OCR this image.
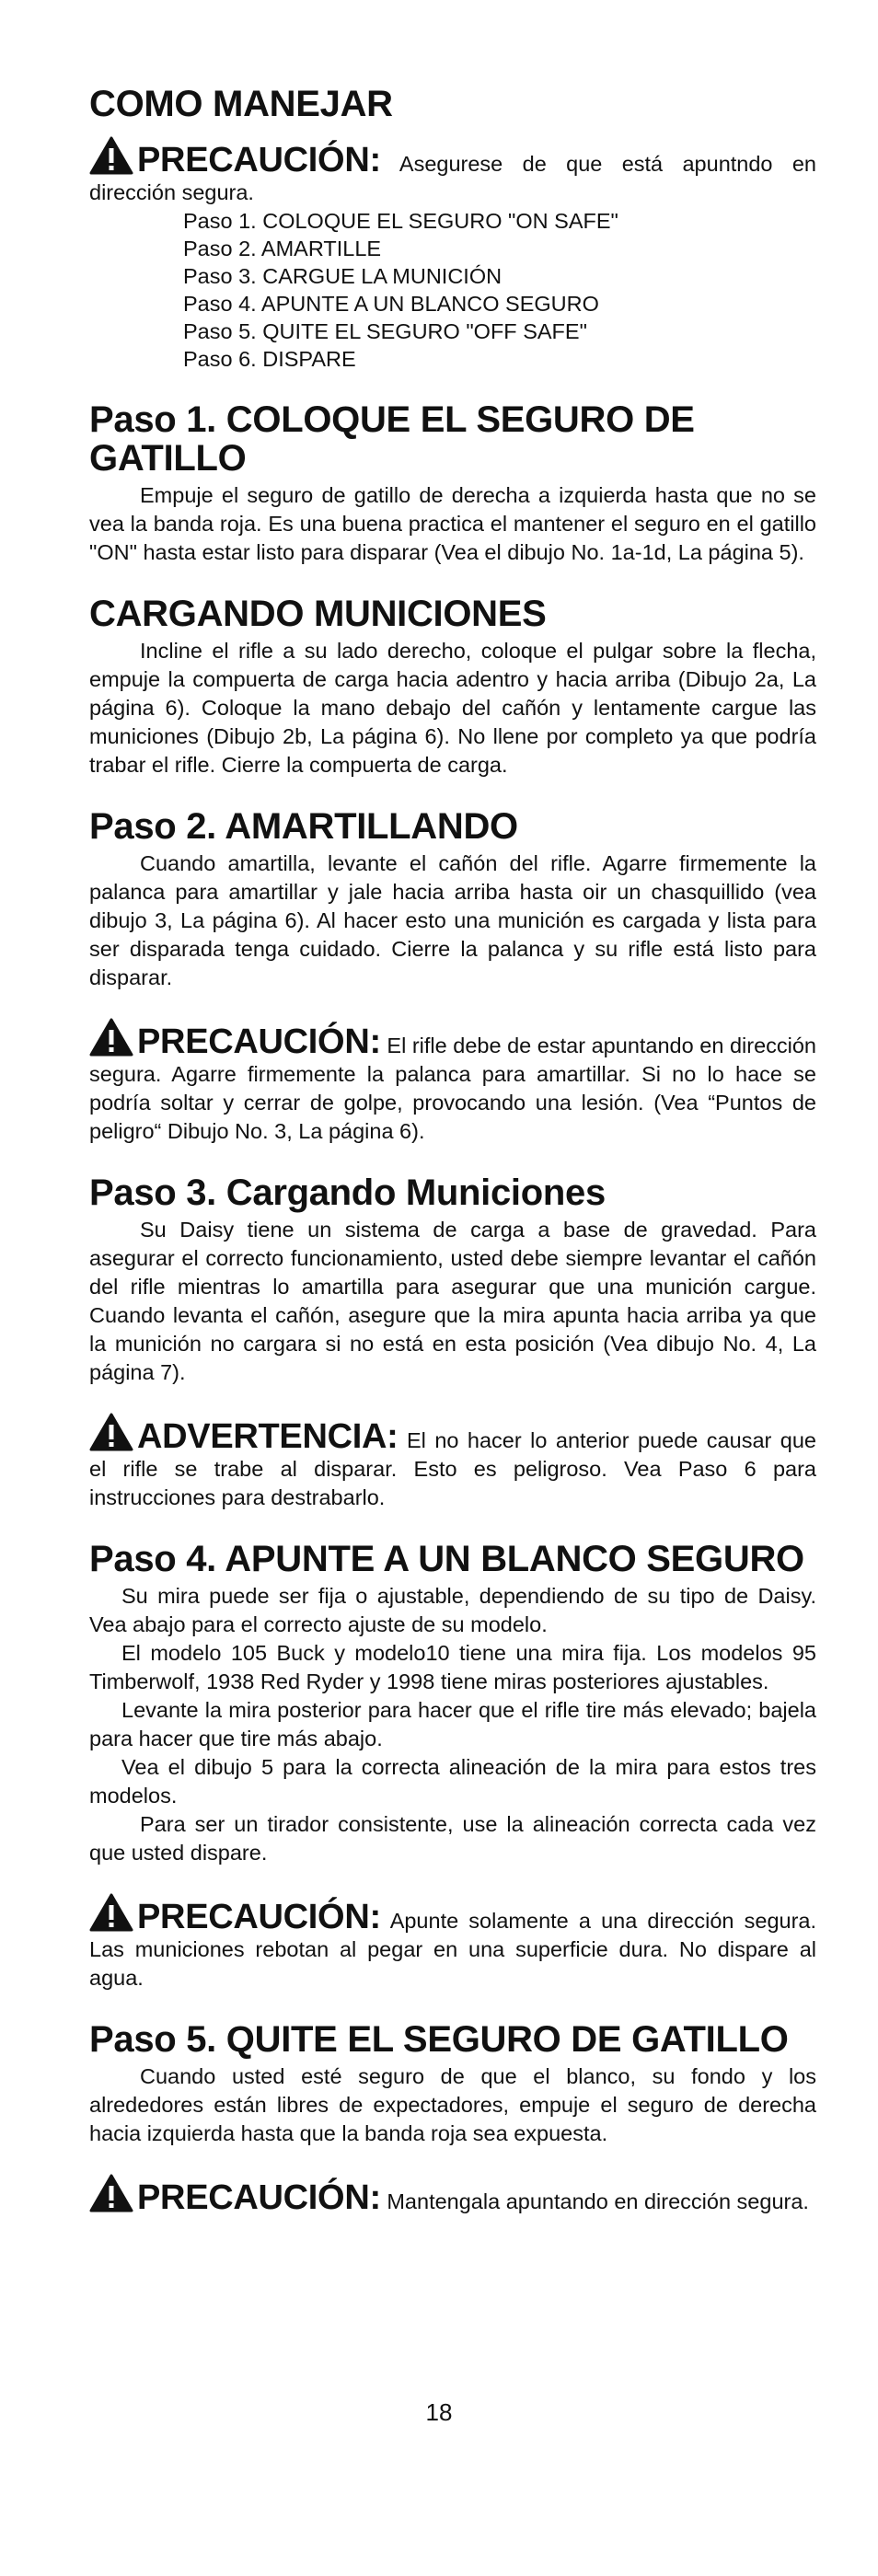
COMO MANEJAR
PRECAUCIÓN: Asegurese de que está apuntndo en dirección segura.
Paso 1. COLOQUE EL SEGURO "ON SAFE"
Paso 2. AMARTILLE
Paso 3. CARGUE LA MUNICIÓN
Paso 4. APUNTE A UN BLANCO SEGURO
Paso 5. QUITE EL SEGURO "OFF SAFE"
Paso 6. DISPARE
Paso 1. COLOQUE EL SEGURO DE GATILLO

Empuje el seguro de gatillo de derecha a izquierda hasta que no se vea la banda roja. Es una buena practica el mantener el seguro en el gatillo "ON" hasta estar listo para disparar (Vea el dibujo No. 1a-1d, La página 5).

CARGANDO MUNICIONES

Incline el rifle a su lado derecho, coloque el pulgar sobre la flecha, empuje la compuerta de carga hacia adentro y hacia arriba (Dibujo 2a, La página 6). Coloque la mano debajo del cañón y lentamente cargue las municiones (Dibujo 2b, La página 6). No llene por completo ya que podría trabar el rifle. Cierre la compuerta de carga.

Paso 2. AMARTILLANDO

Cuando amartilla, levante el cañón del rifle. Agarre firmemente la palanca para amartillar y jale hacia arriba hasta oir un chasquillido (vea dibujo 3, La página 6). Al hacer esto una munición es cargada y lista para ser disparada tenga cuidado. Cierre la palanca y su rifle está listo para disparar.

PRECAUCIÓN: El rifle debe de estar apuntando en dirección segura. Agarre firmemente la palanca para amartillar. Si no lo hace se podría soltar y cerrar de golpe, provocando una lesión. (Vea “Puntos de peligro“ Dibujo No. 3, La página 6).
Paso 3. Cargando Municiones

Su Daisy tiene un sistema de carga a base de gravedad. Para asegurar el correcto funcionamiento, usted debe siempre levantar el cañón del rifle mientras lo amartilla para asegurar que una munición cargue. Cuando levanta el cañón, asegure que la mira apunta hacia arriba ya que la munición no cargara si no está en esta posición (Vea dibujo No. 4, La página 7).

ADVERTENCIA: El no hacer lo anterior puede causar que el rifle se trabe al disparar. Esto es peligroso. Vea Paso 6 para instrucciones para destrabarlo.
Paso 4. APUNTE A UN BLANCO SEGURO

Su mira puede ser fija o ajustable, dependiendo de su tipo de Daisy. Vea abajo para el correcto ajuste de su modelo.

El modelo 105 Buck y modelo10 tiene una mira fija. Los modelos 95 Timberwolf, 1938 Red Ryder y 1998 tiene miras posteriores ajustables.

Levante la mira posterior para hacer que el rifle tire más elevado; bajela para hacer que tire más abajo.

Vea el dibujo 5 para la correcta alineación de la mira para estos tres modelos.

Para ser un tirador consistente, use la alineación correcta cada vez que usted dispare.

PRECAUCIÓN: Apunte solamente a una dirección segura. Las municiones rebotan al pegar en una superficie dura. No dispare al agua.
Paso 5. QUITE EL SEGURO DE GATILLO

Cuando usted esté seguro de que el blanco, su fondo y los alrededores están libres de expectadores, empuje el seguro de derecha hacia izquierda hasta que la banda roja sea expuesta.

PRECAUCIÓN: Mantengala apuntando en dirección segura.
18
